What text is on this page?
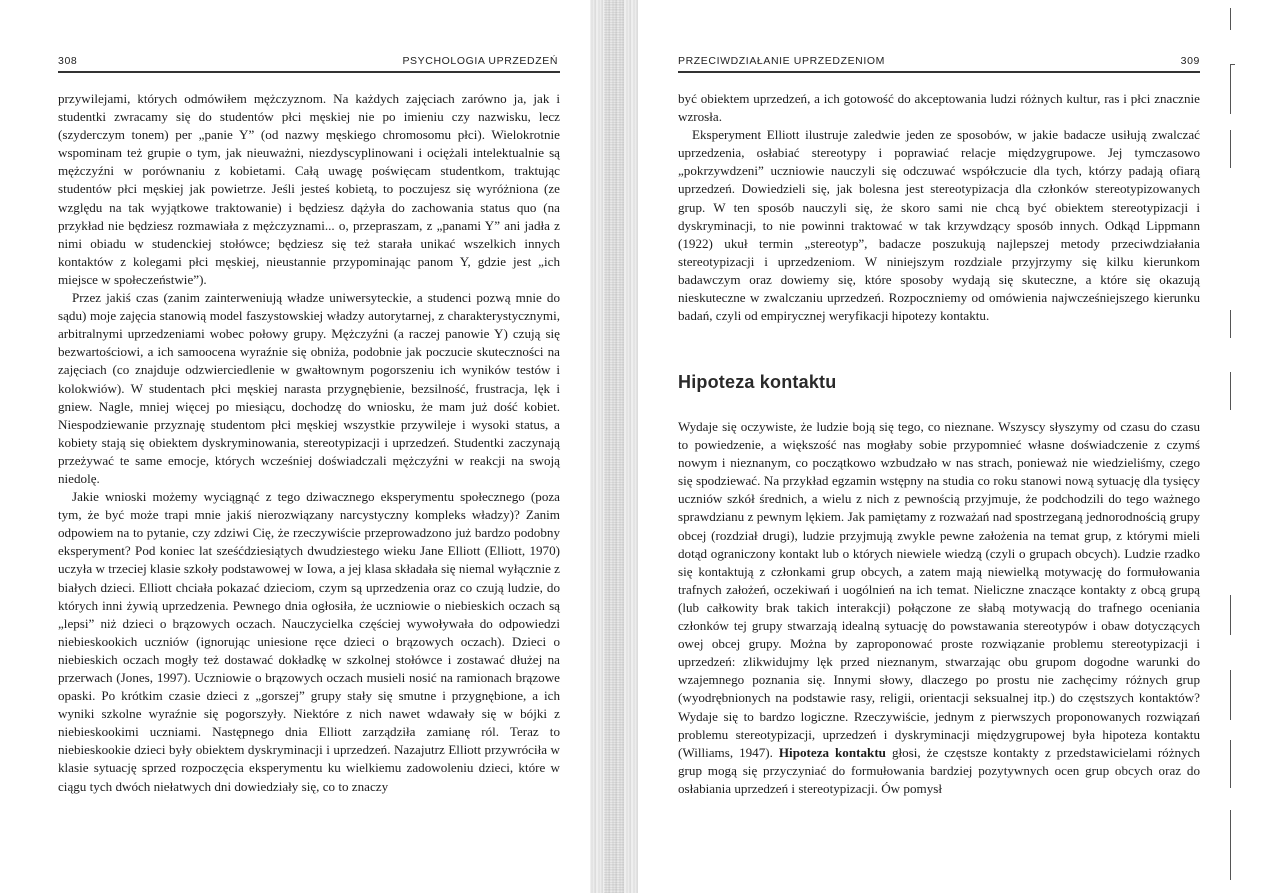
308	PSYCHOLOGIA UPRZEDZEŃ

przywilejami, których odmówiłem mężczyznom. Na każdych zajęciach zarówno ja, jak i studentki zwracamy się do studentów płci męskiej nie po imieniu czy nazwisku, lecz (szyderczym tonem) per „panie Y” (od nazwy męskiego chromosomu płci). Wielokrotnie wspominam też grupie o tym, jak nieuważni, niezdyscyplinowani i ociężali intelektualnie są mężczyźni w porównaniu z kobietami. Całą uwagę poświęcam studentkom, traktując studentów płci męskiej jak powietrze. Jeśli jesteś kobietą, to poczujesz się wyróżniona (ze względu na tak wyjątkowe traktowanie) i będziesz dążyła do zachowania status quo (na przykład nie będziesz rozmawiała z mężczyznami... o, przepraszam, z „panami Y” ani jadła z nimi obiadu w studenckiej stołówce; będziesz się też starała unikać wszelkich innych kontaktów z kolegami płci męskiej, nieustannie przypominając panom Y, gdzie jest „ich miejsce w społeczeństwie”).

Przez jakiś czas (zanim zainterweniują władze uniwersyteckie, a studenci pozwą mnie do sądu) moje zajęcia stanowią model faszystowskiej władzy autorytarnej, z charakterystycznymi, arbitralnymi uprzedzeniami wobec połowy grupy. Mężczyźni (a raczej panowie Y) czują się bezwartościowi, a ich samoocena wyraźnie się obniża, podobnie jak poczucie skuteczności na zajęciach (co znajduje odzwierciedlenie w gwałtownym pogorszeniu ich wyników testów i kolokwiów). W studentach płci męskiej narasta przygnębienie, bezsilność, frustracja, lęk i gniew. Nagle, mniej więcej po miesiącu, dochodzę do wniosku, że mam już dość kobiet. Niespodziewanie przyznaję studentom płci męskiej wszystkie przywileje i wysoki status, a kobiety stają się obiektem dyskryminowania, stereotypizacji i uprzedzeń. Studentki zaczynają przeżywać te same emocje, których wcześniej doświadczali mężczyźni w reakcji na swoją niedolę.

Jakie wnioski możemy wyciągnąć z tego dziwacznego eksperymentu społecznego (poza tym, że być może trapi mnie jakiś nierozwiązany narcystyczny kompleks władzy)? Zanim odpowiem na to pytanie, czy zdziwi Cię, że rzeczywiście przeprowadzono już bardzo podobny eksperyment? Pod koniec lat sześćdziesiątych dwudziestego wieku Jane Elliott (Elliott, 1970) uczyła w trzeciej klasie szkoły podstawowej w Iowa, a jej klasa składała się niemal wyłącznie z białych dzieci. Elliott chciała pokazać dzieciom, czym są uprzedzenia oraz co czują ludzie, do których inni żywią uprzedzenia. Pewnego dnia ogłosiła, że uczniowie o niebieskich oczach są „lepsi” niż dzieci o brązowych oczach. Nauczycielka częściej wywoływała do odpowiedzi niebieskookich uczniów (ignorując uniesione ręce dzieci o brązowych oczach). Dzieci o niebieskich oczach mogły też dostawać dokładkę w szkolnej stołówce i zostawać dłużej na przerwach (Jones, 1997). Uczniowie o brązowych oczach musieli nosić na ramionach brązowe opaski. Po krótkim czasie dzieci z „gorszej” grupy stały się smutne i przygnębione, a ich wyniki szkolne wyraźnie się pogorszyły. Niektóre z nich nawet wdawały się w bójki z niebieskookimi uczniami. Następnego dnia Elliott zarządziła zamianę ról. Teraz to niebieskookie dzieci były obiektem dyskryminacji i uprzedzeń. Nazajutrz Elliott przywróciła w klasie sytuację sprzed rozpoczęcia eksperymentu ku wielkiemu zadowoleniu dzieci, które w ciągu tych dwóch niełatwych dni dowiedziały się, co to znaczy

PRZECIWDZIAŁANIE UPRZEDZENIOM	309

być obiektem uprzedzeń, a ich gotowość do akceptowania ludzi różnych kultur, ras i płci znacznie wzrosła.

Eksperyment Elliott ilustruje zaledwie jeden ze sposobów, w jakie badacze usiłują zwalczać uprzedzenia, osłabiać stereotypy i poprawiać relacje międzygrupowe. Jej tymczasowo „pokrzywdzeni” uczniowie nauczyli się odczuwać współczucie dla tych, którzy padają ofiarą uprzedzeń. Dowiedzieli się, jak bolesna jest stereotypizacja dla członków stereotypizowanych grup. W ten sposób nauczyli się, że skoro sami nie chcą być obiektem stereotypizacji i dyskryminacji, to nie powinni traktować w tak krzywdzący sposób innych. Odkąd Lippmann (1922) ukuł termin „stereotyp”, badacze poszukują najlepszej metody przeciwdziałania stereotypizacji i uprzedzeniom. W niniejszym rozdziale przyjrzymy się kilku kierunkom badawczym oraz dowiemy się, które sposoby wydają się skuteczne, a które się okazują nieskuteczne w zwalczaniu uprzedzeń. Rozpoczniemy od omówienia najwcześniejszego kierunku badań, czyli od empirycznej weryfikacji hipotezy kontaktu.

Hipoteza kontaktu

Wydaje się oczywiste, że ludzie boją się tego, co nieznane. Wszyscy słyszymy od czasu do czasu to powiedzenie, a większość nas mogłaby sobie przypomnieć własne doświadczenie z czymś nowym i nieznanym, co początkowo wzbudzało w nas strach, ponieważ nie wiedzieliśmy, czego się spodziewać. Na przykład egzamin wstępny na studia co roku stanowi nową sytuację dla tysięcy uczniów szkół średnich, a wielu z nich z pewnością przyjmuje, że podchodzili do tego ważnego sprawdzianu z pewnym lękiem. Jak pamiętamy z rozważań nad spostrzeganą jednorodnością grupy obcej (rozdział drugi), ludzie przyjmują zwykle pewne założenia na temat grup, z którymi mieli dotąd ograniczony kontakt lub o których niewiele wiedzą (czyli o grupach obcych). Ludzie rzadko się kontaktują z członkami grup obcych, a zatem mają niewielką motywację do formułowania trafnych założeń, oczekiwań i uogólnień na ich temat. Nieliczne znaczące kontakty z obcą grupą (lub całkowity brak takich interakcji) połączone ze słabą motywacją do trafnego oceniania członków tej grupy stwarzają idealną sytuację do powstawania stereotypów i obaw dotyczących owej obcej grupy. Można by zaproponować proste rozwiązanie problemu stereotypizacji i uprzedzeń: zlikwidujmy lęk przed nieznanym, stwarzając obu grupom dogodne warunki do wzajemnego poznania się. Innymi słowy, dlaczego po prostu nie zachęcimy różnych grup (wyodrębnionych na podstawie rasy, religii, orientacji seksualnej itp.) do częstszych kontaktów? Wydaje się to bardzo logiczne. Rzeczywiście, jednym z pierwszych proponowanych rozwiązań problemu stereotypizacji, uprzedzeń i dyskryminacji międzygrupowej była hipoteza kontaktu (Williams, 1947). Hipoteza kontaktu głosi, że częstsze kontakty z przedstawicielami różnych grup mogą się przyczyniać do formułowania bardziej pozytywnych ocen grup obcych oraz do osłabiania uprzedzeń i stereotypizacji. Ów pomysł
